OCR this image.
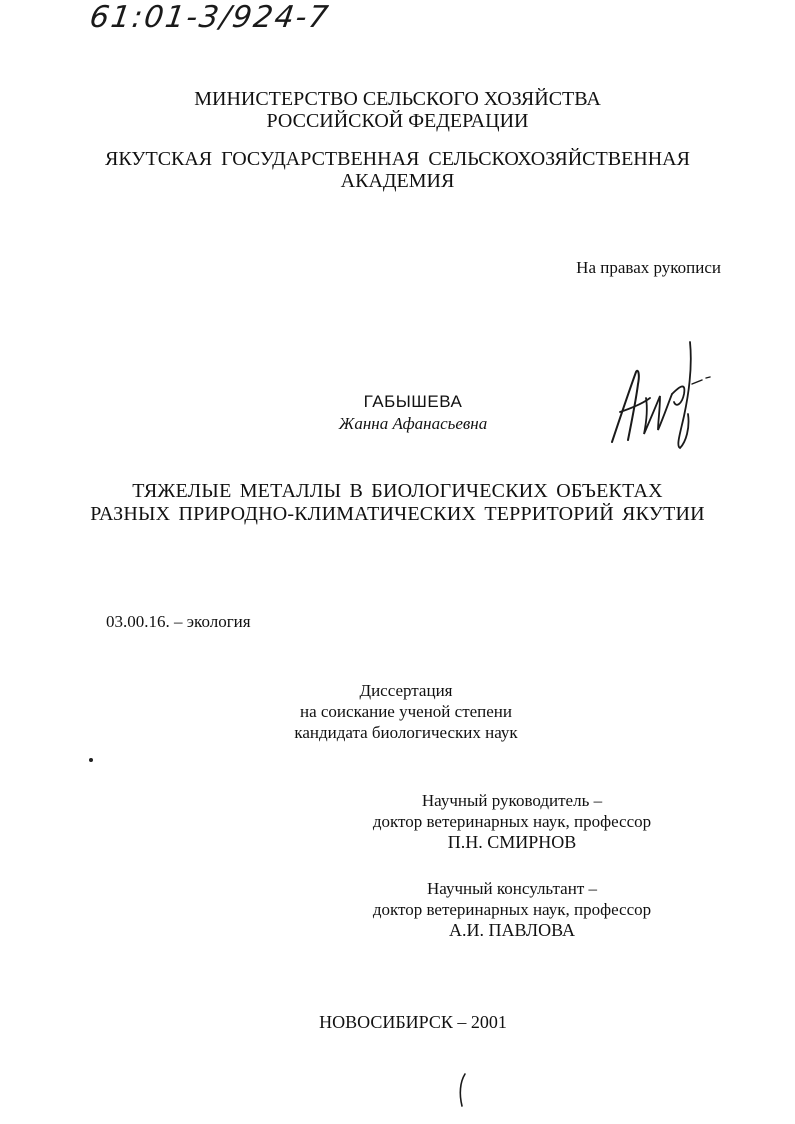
61:01-3/924-7
МИНИСТЕРСТВО СЕЛЬСКОГО ХОЗЯЙСТВА
РОССИЙСКОЙ ФЕДЕРАЦИИ
ЯКУТСКАЯ ГОСУДАРСТВЕННАЯ СЕЛЬСКОХОЗЯЙСТВЕННАЯ
АКАДЕМИЯ
На правах рукописи
ГАБЫШЕВА
Жанна Афанасьевна
ТЯЖЕЛЫЕ МЕТАЛЛЫ В БИОЛОГИЧЕСКИХ ОБЪЕКТАХ
РАЗНЫХ ПРИРОДНО-КЛИМАТИЧЕСКИХ ТЕРРИТОРИЙ ЯКУТИИ
03.00.16. – экология
Диссертация
на соискание ученой степени
кандидата биологических наук
Научный руководитель –
доктор ветеринарных наук, профессор
П.Н. СМИРНОВ
Научный консультант –
доктор ветеринарных наук, профессор
А.И. ПАВЛОВА
НОВОСИБИРСК – 2001
